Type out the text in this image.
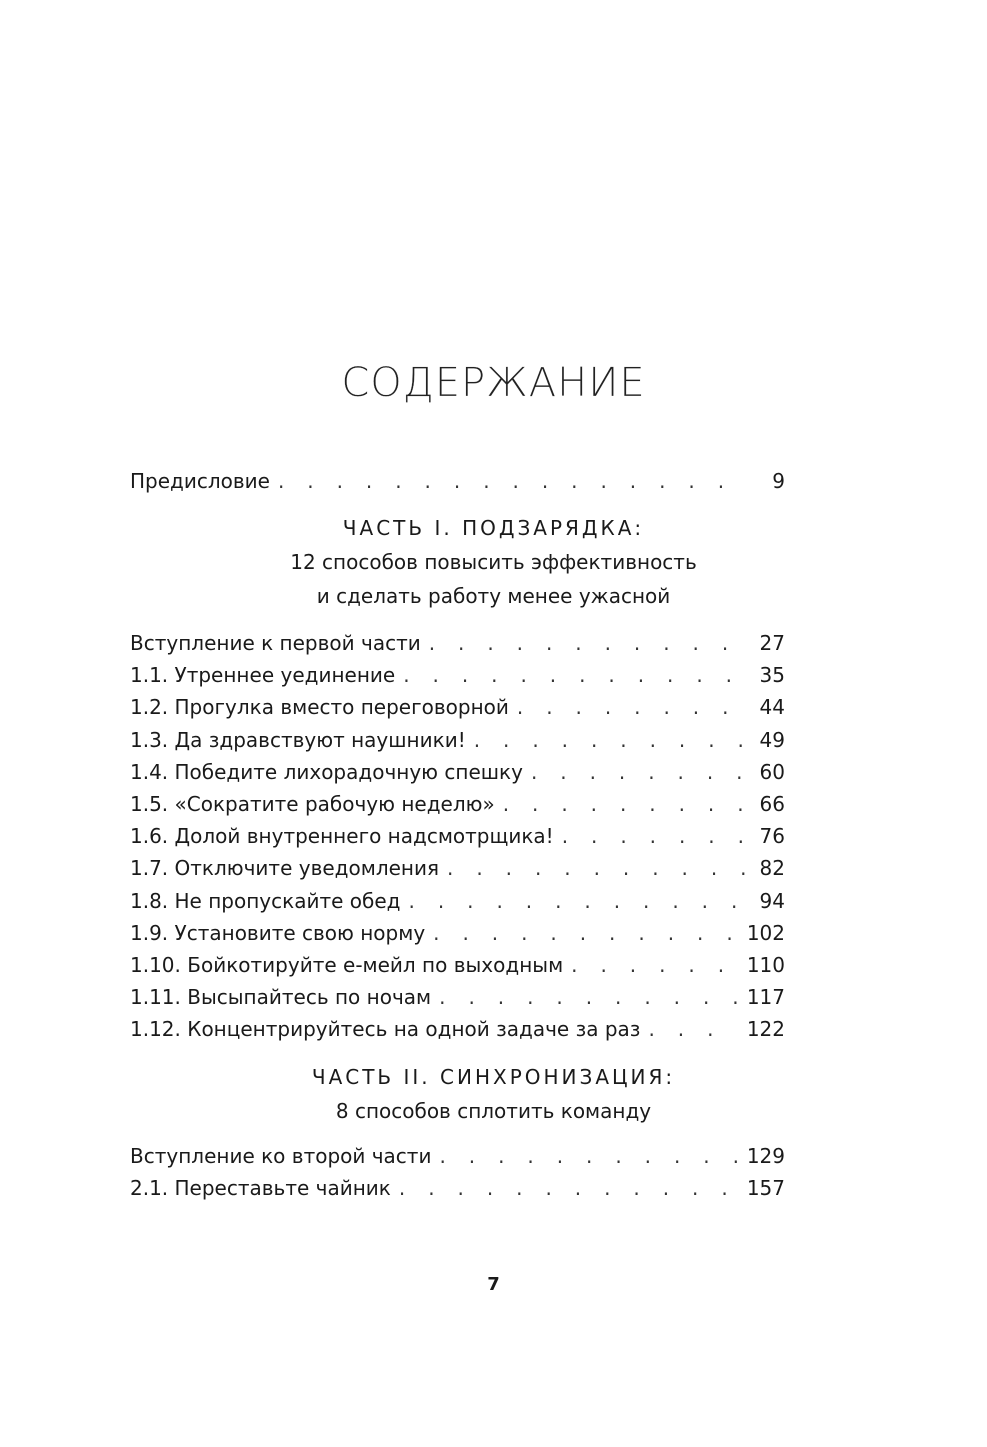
СОДЕРЖАНИЕ
Предисловие . . .	9
ЧАСТЬ I. ПОДЗАРЯДКА:
12 способов повысить эффективность
и сделать работу менее ужасной
Вступление к первой части . . .	27
1.1. Утреннее уединение . . .	35
1.2. Прогулка вместо переговорной . . .	44
1.3. Да здравствуют наушники! . . .	49
1.4. Победите лихорадочную спешку . . .	60
1.5. «Сократите рабочую неделю» . . .	66
1.6. Долой внутреннего надсмотрщика! . . .	76
1.7. Отключите уведомления . . .	82
1.8. Не пропускайте обед . . .	94
1.9. Установите свою норму . . .	102
1.10. Бойкотируйте е-мейл по выходным . . .	110
1.11. Высыпайтесь по ночам . . .	117
1.12. Концентрируйтесь на одной задаче за раз . . .	122
ЧАСТЬ II. СИНХРОНИЗАЦИЯ:
8 способов сплотить команду
Вступление ко второй части . . .	129
2.1. Переставьте чайник . . .	157
7
